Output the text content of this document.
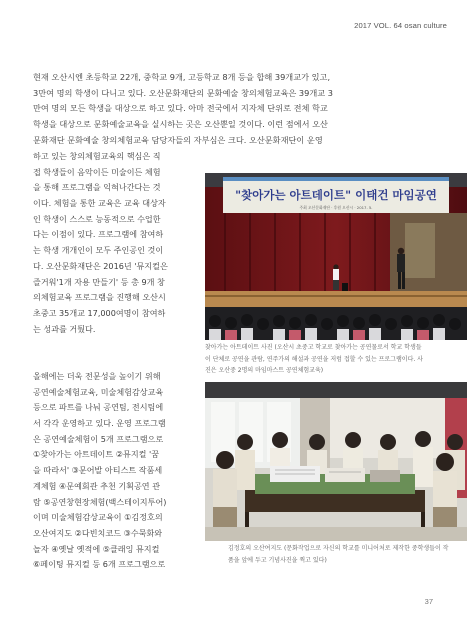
2017 VOL. 64 osan culture
현재 오산시엔 초등학교 22개, 중학교 9개, 고등학교 8개 등을 합해 39개교가 있고,
3만여 명의 학생이 다니고 있다. 오산문화재단의 문화예술 창의체험교육은 39개교 3
만여 명의 모든 학생을 대상으로 하고 있다. 아마 전국에서 지자체 단위로 전체 학교
학생을 대상으로 문화예술교육을 실시하는 곳은 오산뿐일 것이다. 이런 점에서 오산
문화재단 문화예술 창의체험교육 담당자들의 자부심은 크다. 오산문화재단이 운영
하고 있는 창의체험교육의 핵심은 직
접 학생들이 음악이든 미술이든 체험
을 통해 프로그램을 익혀나간다는 것
이다. 체험을 통한 교육은 교육 대상자
인 학생이 스스로 능동적으로 수업한
다는 이점이 있다. 프로그램에 참여하
는 학생 개개인이 모두 주인공인 것이
다. 오산문화재단은 2016년 '뮤지컬은
즐거워'1개 자용 만들기' 등 총 9개 창
의체험교육 프로그램을 진행해 오산시
초중고 35개교 17,000여명이 참여하
는 성과를 거뒀다.
올해에는 더욱 전문성을 높이기 위해
공연예술체험교육, 미술체험감상교육
등으로 파트를 나눠 공연팀, 전시팀에
서 각각 운영하고 있다. 운영 프로그램
은 공연예술체험이 5개 프로그램으로
①찾아가는 아트데이트 ②뮤지컬 '꿈
을 따라서' ③문어발 아티스트 작품세
계체험 ④문예회관 추천 기획공연 관
람 ⑤공연창현장체험(백스테이지투어)
이며 미술체험감상교육이 ①김정호의
오산여지도 ②다빈치코드 ③수묵화와
놀자 ④옛날 옛적에 ⑤클래잉 뮤지컬
⑥페이팅 뮤지컬 등 6개 프로그램으로
"찾아가는 아트데이트" 이태건 마임공연
주최 오산문화재단 · 후원 오산시 · 2017. 5.
찾아가는 아트데이트 사진 (오산시 초중고 학교로 찾아가는 공연물로서 학교 학생들
이 단체로 공연을 관람, 연주가의 해설과 공연을 저럼 접할 수 있는 프로그램이다. 사
진은 오산중 2명의 마임마스트 공연체험교육)
김정호의 오산여지도 (문화작업으로 자신의 학교를 미니어처로 제작한 중학생들이 작
품을 앞에 두고 기념사진을 찍고 있다)
37
